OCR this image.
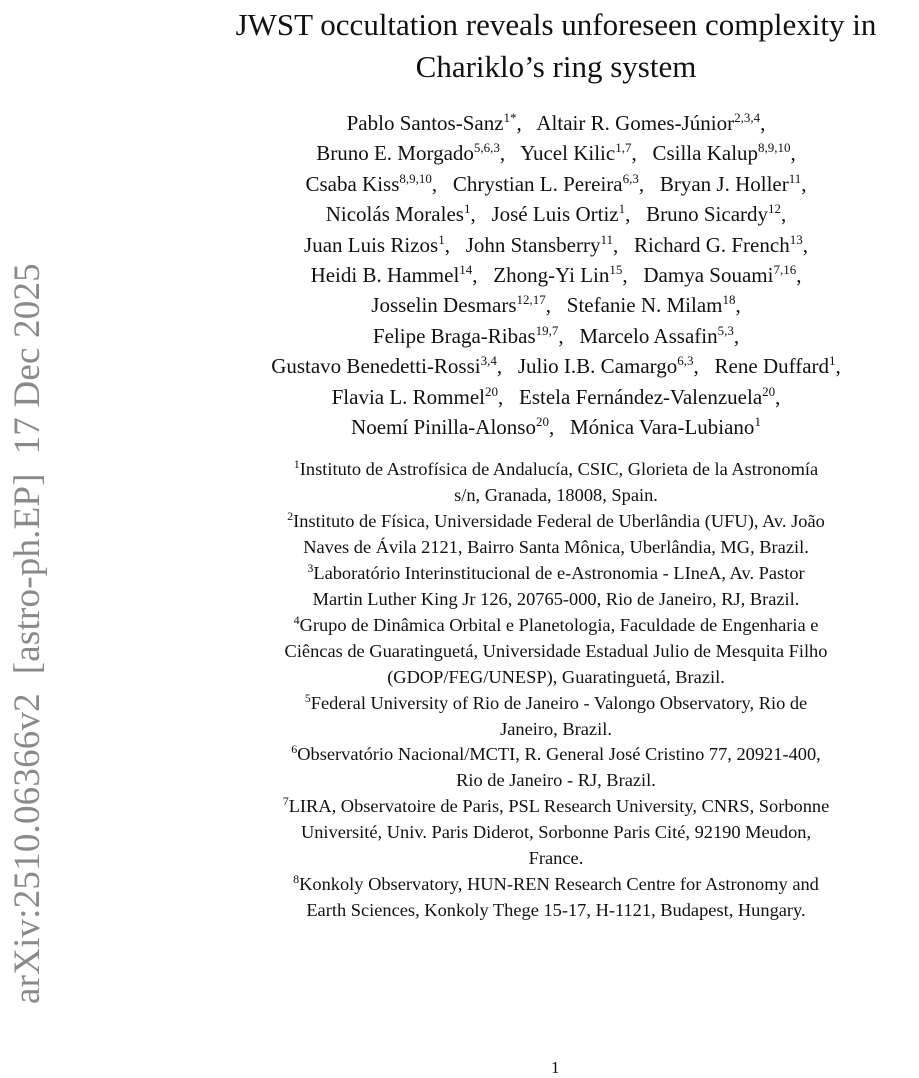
arXiv:2510.06366v2  [astro-ph.EP]  17 Dec 2025
JWST occultation reveals unforeseen complexity in
Chariklo’s ring system
Pablo Santos-Sanz$^{1*}$,   Altair R. Gomes-Júnior$^{2,3,4}$,
Bruno E. Morgado$^{5,6,3}$,   Yucel Kilic$^{1,7}$,   Csilla Kalup$^{8,9,10}$,
Csaba Kiss$^{8,9,10}$,   Chrystian L. Pereira$^{6,3}$,   Bryan J. Holler$^{11}$,
Nicolás Morales$^1$,   José Luis Ortiz$^1$,   Bruno Sicardy$^{12}$,
Juan Luis Rizos$^1$,   John Stansberry$^{11}$,   Richard G. French$^{13}$,
Heidi B. Hammel$^{14}$,   Zhong-Yi Lin$^{15}$,   Damya Souami$^{7,16}$,
Josselin Desmars$^{12,17}$,   Stefanie N. Milam$^{18}$,
Felipe Braga-Ribas$^{19,7}$,   Marcelo Assafin$^{5,3}$,
Gustavo Benedetti-Rossi$^{3,4}$,   Julio I.B. Camargo$^{6,3}$,   Rene Duffard$^1$,
Flavia L. Rommel$^{20}$,   Estela Fernández-Valenzuela$^{20}$,
Noemí Pinilla-Alonso$^{20}$,   Mónica Vara-Lubiano$^1$
$^1$Instituto de Astrofísica de Andalucía, CSIC, Glorieta de la Astronomía
s/n, Granada, 18008, Spain.
$^2$Instituto de Física, Universidade Federal de Uberlândia (UFU), Av. João
Naves de Ávila 2121, Bairro Santa Mônica, Uberlândia, MG, Brazil.
$^3$Laboratório Interinstitucional de e-Astronomia - LIneA, Av. Pastor
Martin Luther King Jr 126, 20765-000, Rio de Janeiro, RJ, Brazil.
$^4$Grupo de Dinâmica Orbital e Planetologia, Faculdade de Engenharia e
Ciêncas de Guaratinguetá, Universidade Estadual Julio de Mesquita Filho
(GDOP/FEG/UNESP), Guaratinguetá, Brazil.
$^5$Federal University of Rio de Janeiro - Valongo Observatory, Rio de
Janeiro, Brazil.
$^6$Observatório Nacional/MCTI, R. General José Cristino 77, 20921-400,
Rio de Janeiro - RJ, Brazil.
$^7$LIRA, Observatoire de Paris, PSL Research University, CNRS, Sorbonne
Université, Univ. Paris Diderot, Sorbonne Paris Cité, 92190 Meudon,
France.
$^8$Konkoly Observatory, HUN-REN Research Centre for Astronomy and
Earth Sciences, Konkoly Thege 15-17, H-1121, Budapest, Hungary.
1
